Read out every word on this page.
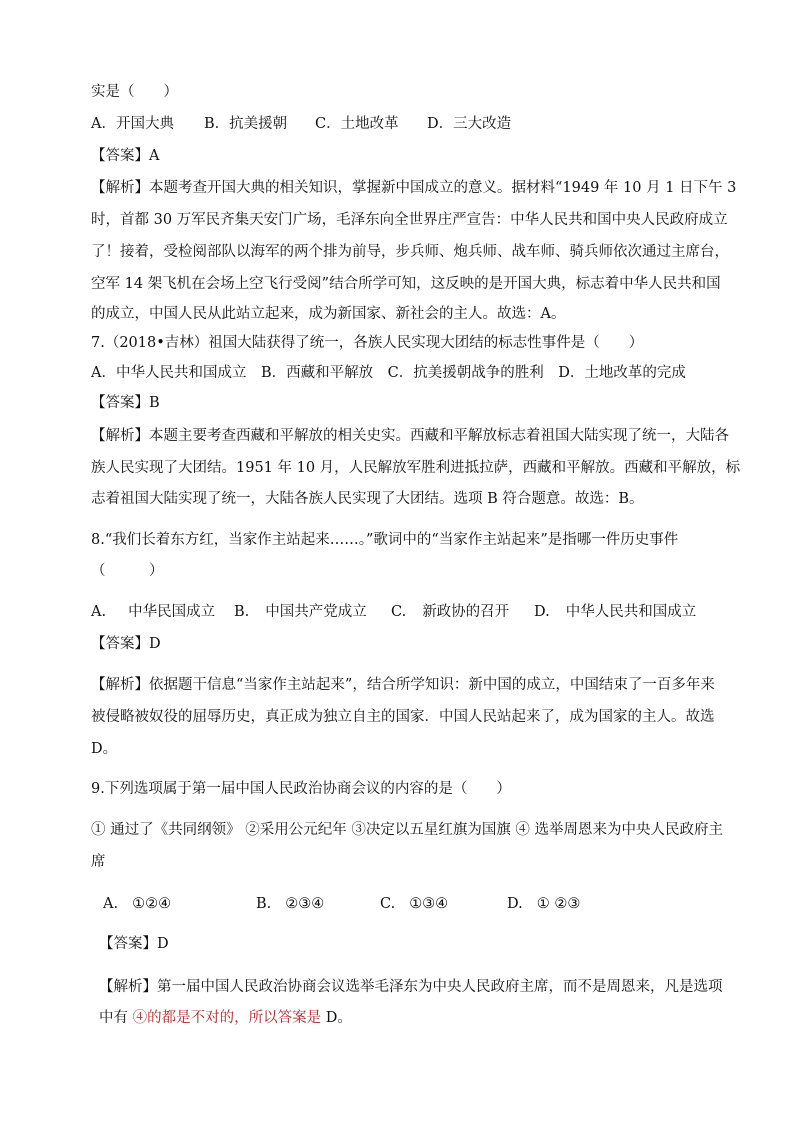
实是（　　）
A．开国大典 B．抗美援朝 C．土地改革 D．三大改造
【答案】A
【解析】本题考查开国大典的相关知识，掌握新中国成立的意义。据材料“1949 年 10 月 1 日下午 3
时，首都 30 万军民齐集天安门广场，毛泽东向全世界庄严宣告：中华人民共和国中央人民政府成立
了！接着，受检阅部队以海军的两个排为前导，步兵师、炮兵师、战车师、骑兵师依次通过主席台，
空军 14 架飞机在会场上空飞行受阅”结合所学可知，这反映的是开国大典，标志着中华人民共和国
的成立，中国人民从此站立起来，成为新国家、新社会的主人。故选：A。
7.（2018•吉林）祖国大陆获得了统一，各族人民实现大团结的标志性事件是（　　）
A．中华人民共和国成立　B．西藏和平解放　C．抗美援朝战争的胜利　D．土地改革的完成
【答案】B
【解析】本题主要考查西藏和平解放的相关史实。西藏和平解放标志着祖国大陆实现了统一，大陆各
族人民实现了大团结。1951 年 10 月，人民解放军胜利进抵拉萨，西藏和平解放。西藏和平解放，标
志着祖国大陆实现了统一，大陆各族人民实现了大团结。选项 B 符合题意。故选：B。
8.“我们长着东方红，当家作主站起来……。”歌词中的“当家作主站起来”是指哪一件历史事件
（　　　）
A. 中华民国成立 B. 中国共产党成立 C. 新政协的召开 D. 中华人民共和国成立
【答案】D
【解析】依据题干信息“当家作主站起来”，结合所学知识：新中国的成立，中国结束了一百多年来
被侵略被奴役的屈辱历史，真正成为独立自主的国家．中国人民站起来了，成为国家的主人。故选
D。
9.下列选项属于第一届中国人民政治协商会议的内容的是（　　）
① 通过了《共同纲领》 ②采用公元纪年 ③决定以五星红旗为国旗 ④ 选举周恩来为中央人民政府主
席
A. ①②④	B. ②③④	C. ①③④	D. ① ②③
【答案】D
【解析】第一届中国人民政治协商会议选举毛泽东为中央人民政府主席，而不是周恩来，凡是选项
中有 ④的都是不对的，所以答案是 D。
